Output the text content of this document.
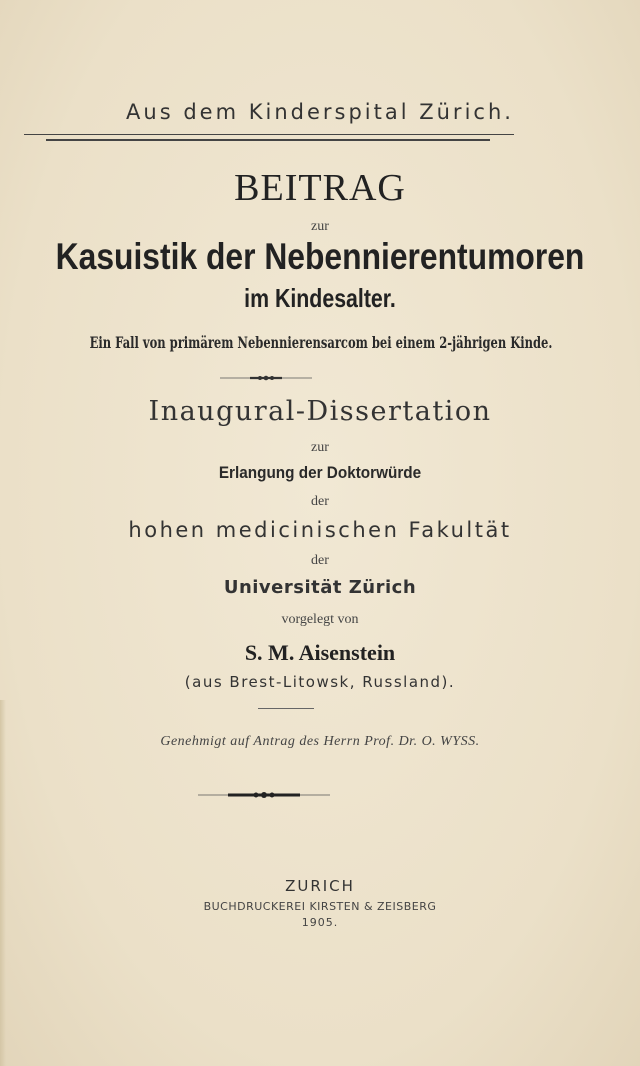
Aus dem Kinderspital Zürich.
BEITRAG
zur
Kasuistik der Nebennierentumoren
im Kindesalter.
Ein Fall von primärem Nebennierensarcom bei einem 2-jährigen Kinde.
Inaugural-Dissertation
zur
Erlangung der Doktorwürde
der
hohen medicinischen Fakultät
der
Universität Zürich
vorgelegt von
S. M. Aisenstein
(aus Brest-Litowsk, Russland).
Genehmigt auf Antrag des Herrn Prof. Dr. O. WYSS.
ZURICH
BUCHDRUCKEREI KIRSTEN & ZEISBERG
1905.
